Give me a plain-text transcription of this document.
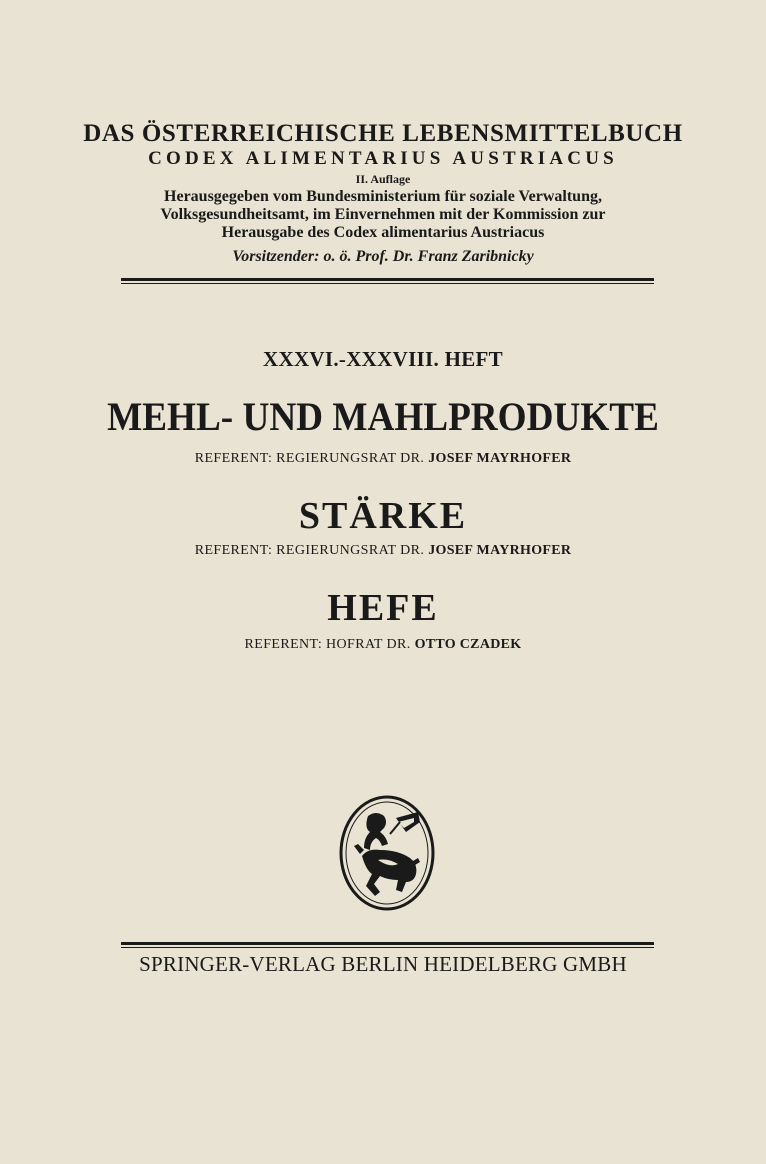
DAS ÖSTERREICHISCHE LEBENSMITTELBUCH
CODEX ALIMENTARIUS AUSTRIACUS
II. Auflage
Herausgegeben vom Bundesministerium für soziale Verwaltung,
Volksgesundheitsamt, im Einvernehmen mit der Kommission zur
Herausgabe des Codex alimentarius Austriacus
Vorsitzender: o. ö. Prof. Dr. Franz Zaribnicky
XXXVI.-XXXVIII. HEFT
MEHL- UND MAHLPRODUKTE
REFERENT: REGIERUNGSRAT DR. JOSEF MAYRHOFER
STÄRKE
REFERENT: REGIERUNGSRAT DR. JOSEF MAYRHOFER
HEFE
REFERENT: HOFRAT DR. OTTO CZADEK
SPRINGER-VERLAG BERLIN HEIDELBERG GMBH
